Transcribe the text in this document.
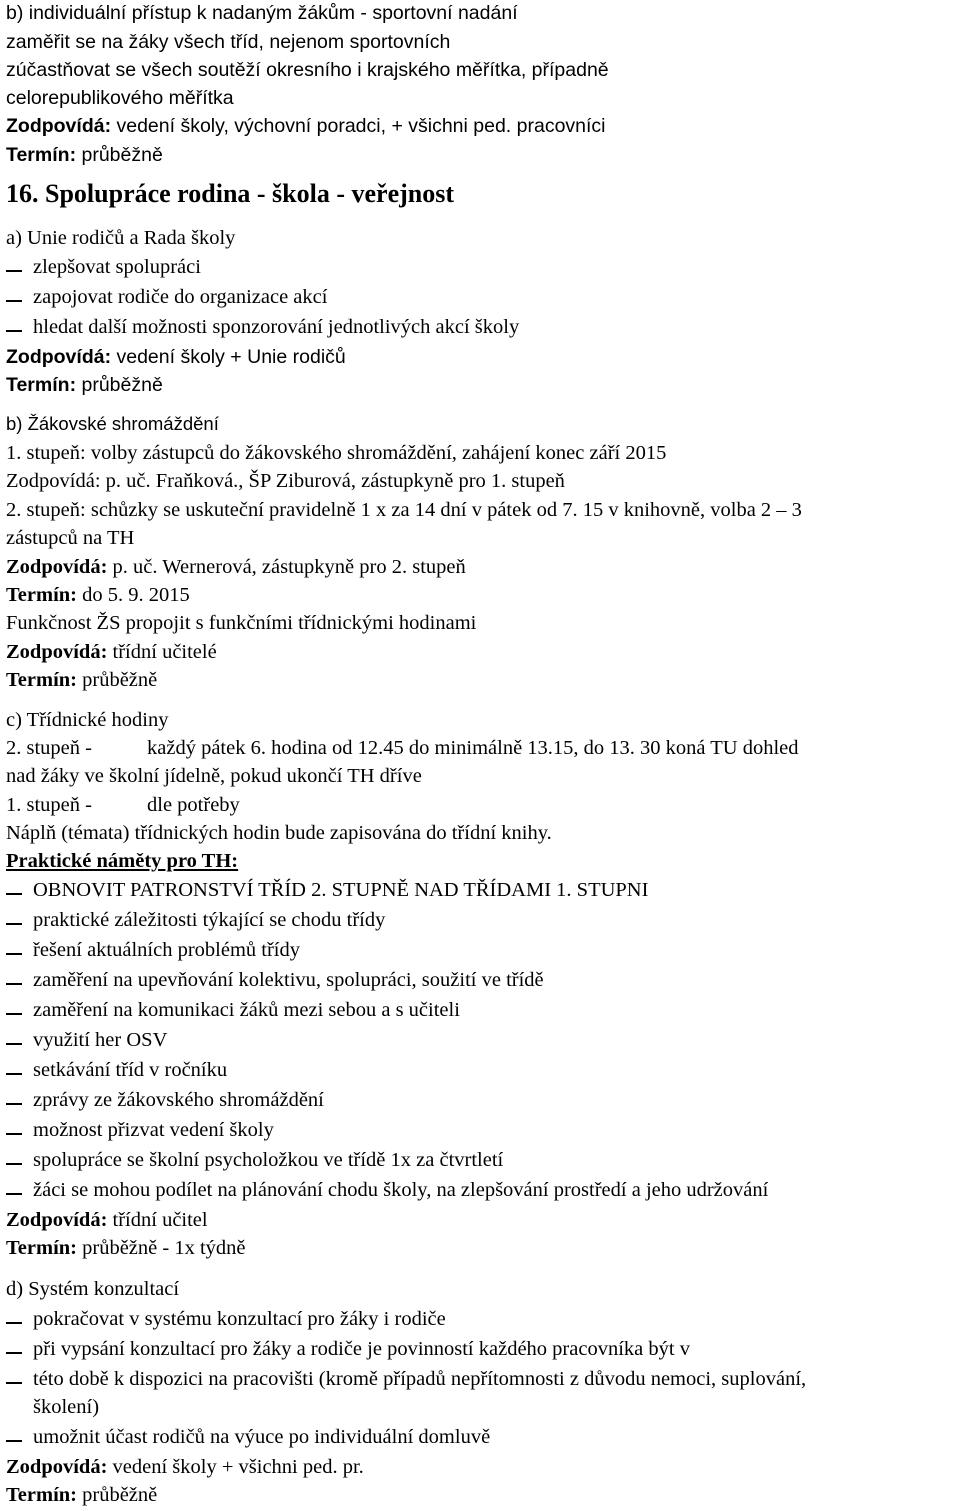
b) individuální přístup k nadaným žákům - sportovní nadání
zaměřit se na žáky všech tříd, nejenom sportovních
zúčastňovat se všech soutěží okresního i krajského měřítka, případně
celorepublikového měřítka
Zodpovídá: vedení školy, výchovní poradci, + všichni ped. pracovníci
Termín: průběžně
16. Spolupráce rodina - škola - veřejnost
a) Unie rodičů a Rada školy
zlepšovat spolupráci
zapojovat rodiče do organizace akcí
hledat další možnosti sponzorování jednotlivých akcí školy
Zodpovídá: vedení školy + Unie rodičů
Termín: průběžně
b) Žákovské shromáždění
1. stupeň: volby zástupců do žákovského shromáždění, zahájení konec září 2015
Zodpovídá: p. uč. Fraňková., ŠP Ziburová, zástupkyně pro 1. stupeň
2. stupeň: schůzky se uskuteční pravidelně 1 x za 14 dní v pátek od 7. 15 v knihovně, volba 2 – 3
zástupců na TH
Zodpovídá: p. uč. Wernerová, zástupkyně pro 2. stupeň
Termín: do 5. 9. 2015
Funkčnost ŽS propojit s funkčními třídnickými hodinami
Zodpovídá: třídní učitelé
Termín: průběžně
c) Třídnické hodiny
2. stupeň -	každý pátek 6. hodina od 12.45 do minimálně 13.15, do 13. 30 koná TU dohled
nad žáky ve školní jídelně, pokud ukončí TH dříve
1. stupeň -	dle potřeby
Náplň (témata) třídnických hodin bude zapisována do třídní knihy.
Praktické náměty pro TH:
OBNOVIT PATRONSTVÍ TŘÍD 2. STUPNĚ NAD TŘÍDAMI 1. STUPNI
praktické záležitosti týkající se chodu třídy
řešení aktuálních problémů třídy
zaměření na upevňování kolektivu, spolupráci, soužití ve třídě
zaměření na komunikaci žáků mezi sebou a s učiteli
využití her OSV
setkávání tříd v ročníku
zprávy ze žákovského shromáždění
možnost přizvat vedení školy
spolupráce se školní psycholožkou ve třídě 1x za čtvrtletí
žáci se mohou podílet na plánování chodu školy, na zlepšování prostředí a jeho udržování
Zodpovídá: třídní učitel
Termín: průběžně - 1x týdně
d) Systém konzultací
pokračovat v systému konzultací pro žáky i rodiče
při vypsání konzultací pro žáky a rodiče je povinností každého pracovníka být v
této době k dispozici na pracovišti (kromě případů nepřítomnosti z důvodu nemoci, suplování,
školení)
umožnit účast rodičů na výuce po individuální domluvě
Zodpovídá: vedení školy + všichni ped. pr.
Termín: průběžně
